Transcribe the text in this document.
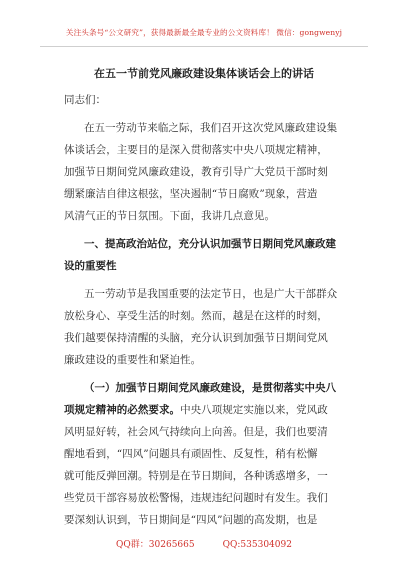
关注头条号“公文研究”，获得最新最全最专业的公文资料库！ 微信：gongwenyj
在五一节前党风廉政建设集体谈话会上的讲话
同志们：
在五一劳动节来临之际，我们召开这次党风廉政建设集
体谈话会，主要目的是深入贯彻落实中央八项规定精神，
加强节日期间党风廉政建设，教育引导广大党员干部时刻
绷紧廉洁自律这根弦，坚决遏制“节日腐败”现象，营造
风清气正的节日氛围。下面，我讲几点意见。
一、提高政治站位，充分认识加强节日期间党风廉政建
设的重要性
五一劳动节是我国重要的法定节日，也是广大干部群众
放松身心、享受生活的时刻。然而，越是在这样的时刻，
我们越要保持清醒的头脑，充分认识到加强节日期间党风
廉政建设的重要性和紧迫性。
（一）加强节日期间党风廉政建设，是贯彻落实中央八
项规定精神的必然要求。中央八项规定实施以来，党风政
风明显好转，社会风气持续向上向善。但是，我们也要清
醒地看到，“四风”问题具有顽固性、反复性，稍有松懈
就可能反弹回潮。特别是在节日期间，各种诱惑增多，一
些党员干部容易放松警惕，违规违纪问题时有发生。我们
要深刻认识到，节日期间是“四风”问题的高发期，也是
QQ群：30265665	QQ:535304092
